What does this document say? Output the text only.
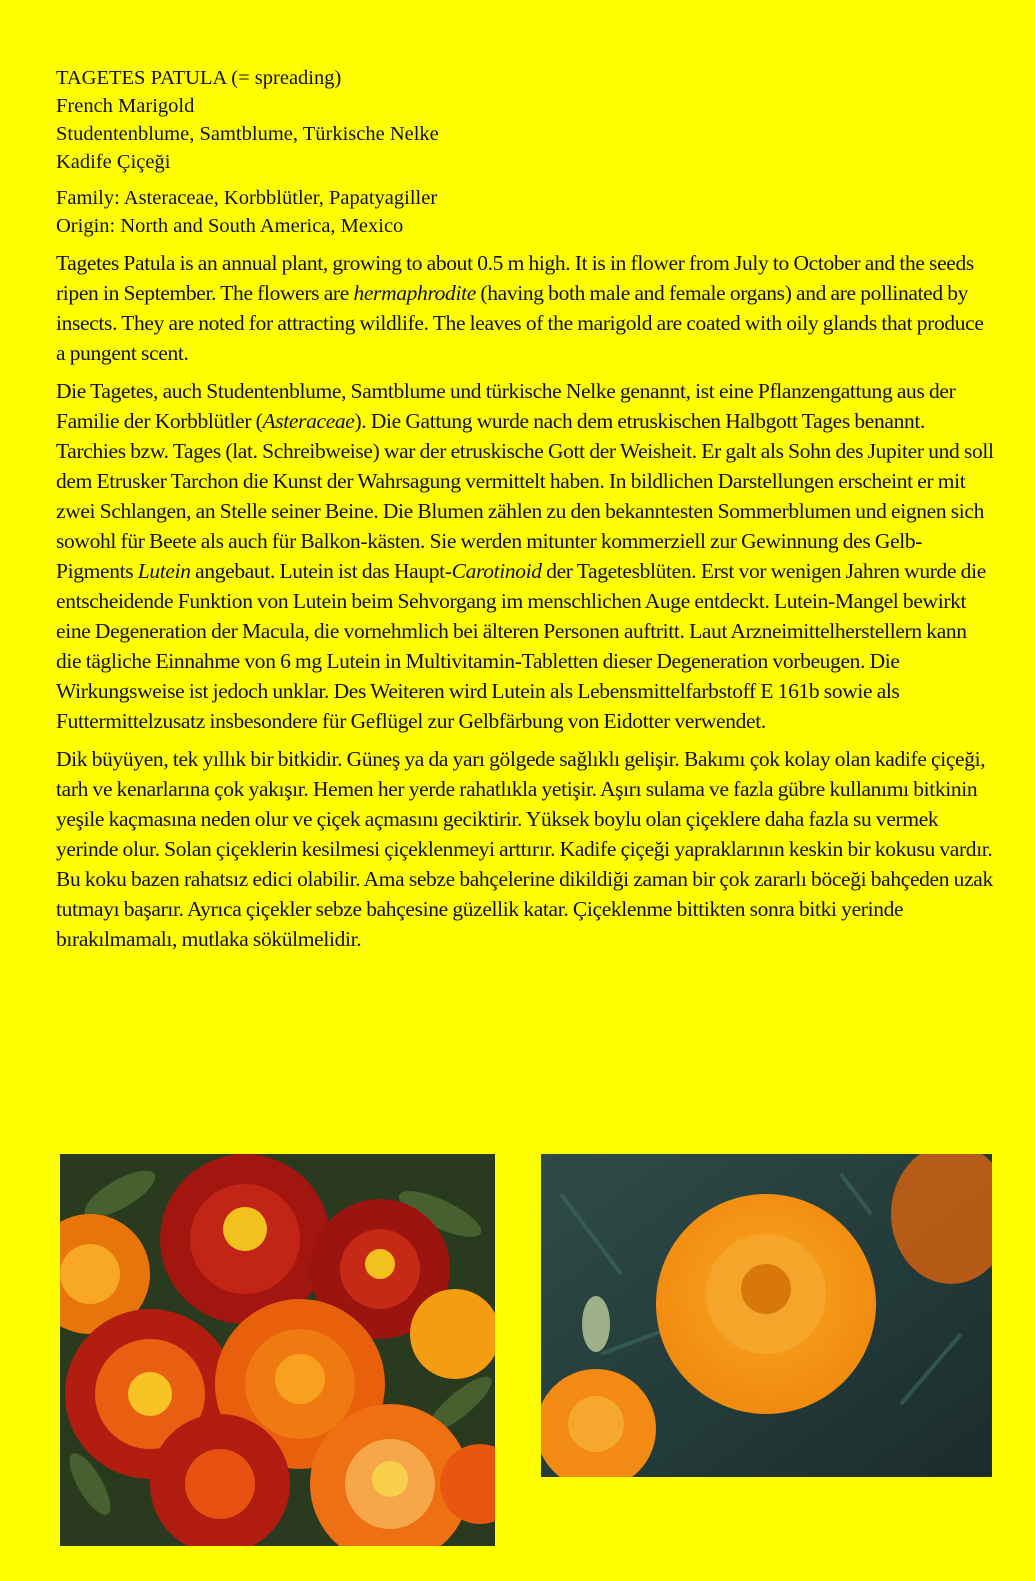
TAGETES PATULA (= spreading)
French Marigold
Studentenblume, Samtblume, Türkische Nelke
Kadife Çiçeği
Family: Asteraceae, Korbblütler, Papatyagiller
Origin: North and South America, Mexico

Tagetes Patula is an annual plant, growing to about 0.5 m high. It is in flower from July to October and the seeds ripen in September. The flowers are hermaphrodite (having both male and female organs) and are pollinated by insects. They are noted for attracting wildlife. The leaves of the marigold are coated with oily glands that produce a pungent scent.

Die Tagetes, auch Studentenblume, Samtblume und türkische Nelke genannt, ist eine Pflanzengattung aus der Familie der Korbblütler (Asteraceae). Die Gattung wurde nach dem etruskischen Halbgott Tages benannt. Tarchies bzw. Tages (lat. Schreibweise) war der etruskische Gott der Weisheit. Er galt als Sohn des Jupiter und soll dem Etrusker Tarchon die Kunst der Wahrsagung vermittelt haben. In bildlichen Darstellungen erscheint er mit zwei Schlangen, an Stelle seiner Beine. Die Blumen zählen zu den bekanntesten Sommerblumen und eignen sich sowohl für Beete als auch für Balkon-kästen. Sie werden mitunter kommerziell zur Gewinnung des Gelb-Pigments Lutein angebaut. Lutein ist das Haupt-Carotinoid der Tagetesblüten. Erst vor wenigen Jahren wurde die entscheidende Funktion von Lutein beim Sehvorgang im menschlichen Auge entdeckt. Lutein-Mangel bewirkt eine Degeneration der Macula, die vornehmlich bei älteren Personen auftritt. Laut Arzneimittelherstellern kann die tägliche Einnahme von 6 mg Lutein in Multivitamin-Tabletten dieser Degeneration vorbeugen. Die Wirkungsweise ist jedoch unklar. Des Weiteren wird Lutein als Lebensmittelfarbstoff E 161b sowie als Futtermittelzusatz insbesondere für Geflügel zur Gelbfärbung von Eidotter verwendet.

Dik büyüyen, tek yıllık bir bitkidir. Güneş ya da yarı gölgede sağlıklı gelişir. Bakımı çok kolay olan kadife çiçeği, tarh ve kenarlarına çok yakışır. Hemen her yerde rahatlıkla yetişir. Aşırı sulama ve fazla gübre kullanımı bitkinin yeşile kaçmasına neden olur ve çiçek açmasını geciktirir. Yüksek boylu olan çiçeklere daha fazla su vermek yerinde olur. Solan çiçeklerin kesilmesi çiçeklenmeyi arttırır. Kadife çiçeği yapraklarının keskin bir kokusu vardır. Bu koku bazen rahatsız edici olabilir. Ama sebze bahçelerine dikildiği zaman bir çok zararlı böceği bahçeden uzak tutmayı başarır. Ayrıca çiçekler sebze bahçesine güzellik katar. Çiçeklenme bittikten sonra bitki yerinde bırakılmamalı, mutlaka sökülmelidir.
